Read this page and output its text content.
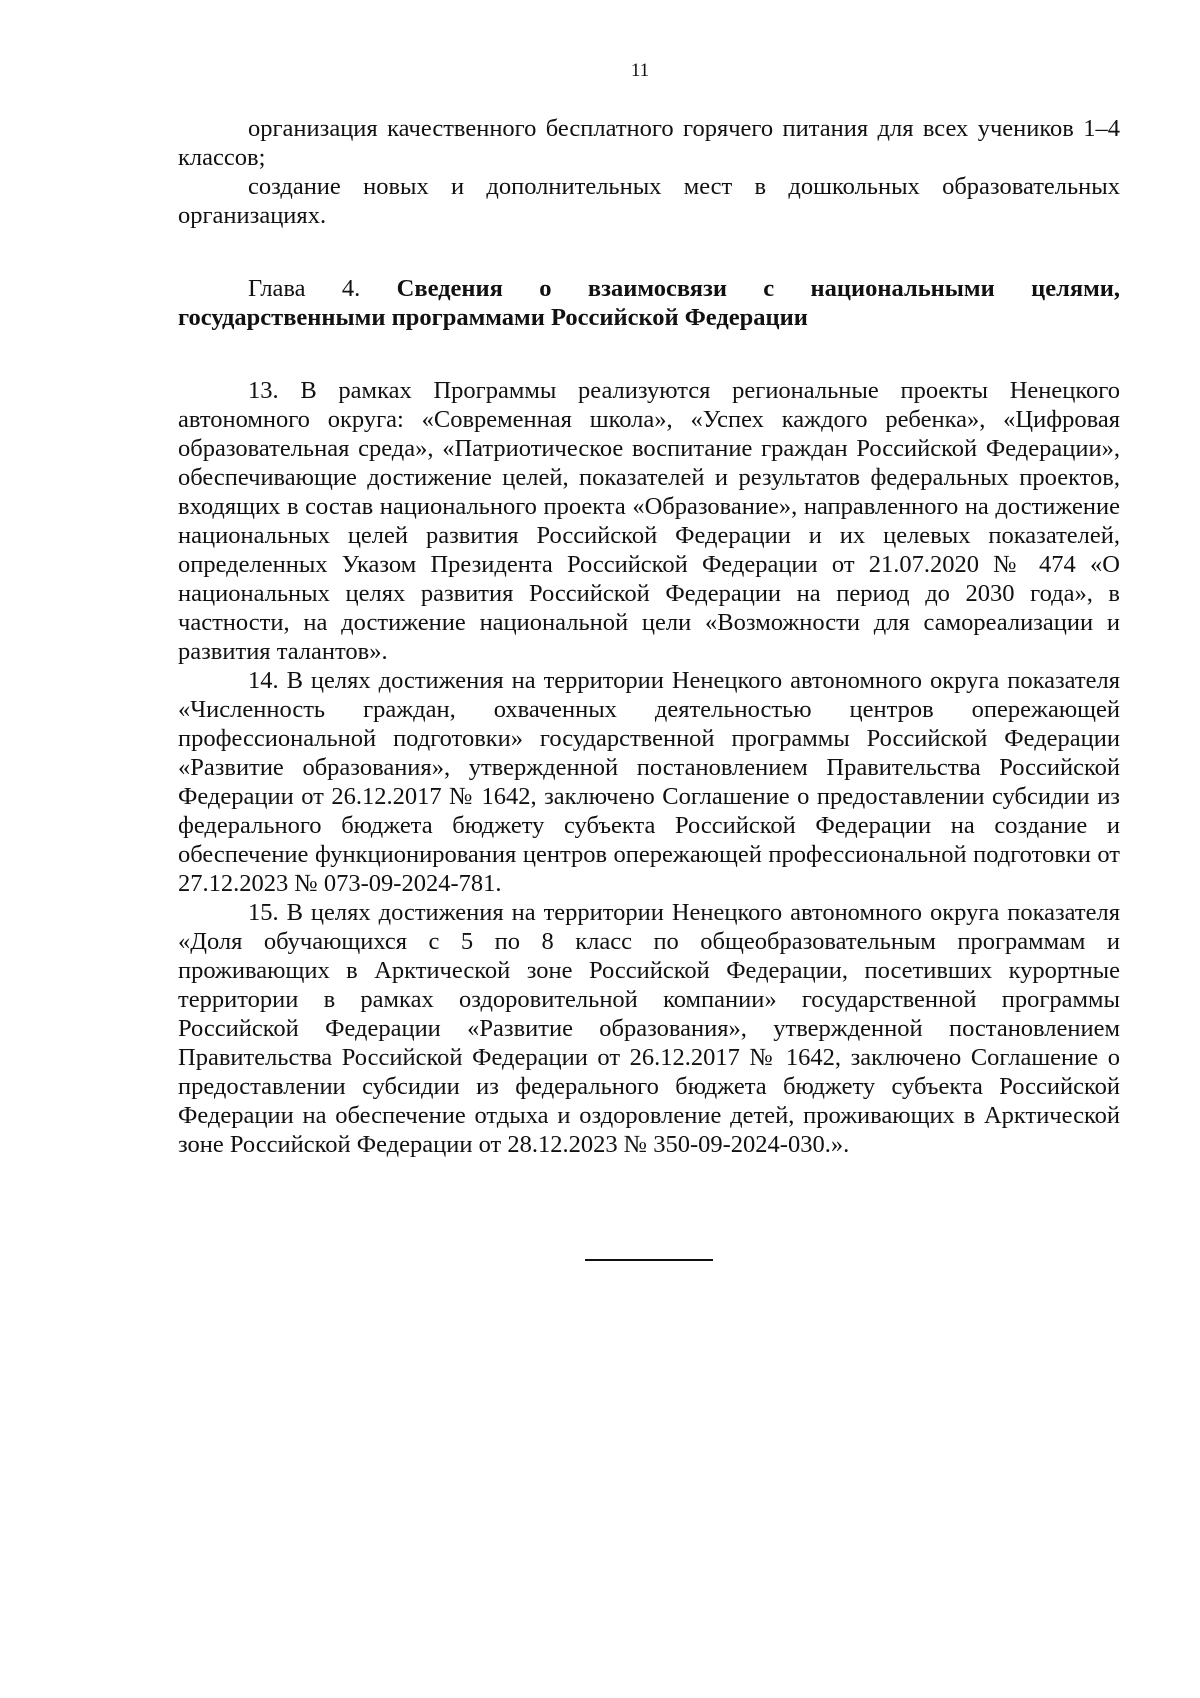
11

организация качественного бесплатного горячего питания для всех учеников 1–4 классов;

создание новых и дополнительных мест в дошкольных образовательных организациях.

Глава 4. Сведения о взаимосвязи с национальными целями, государственными программами Российской Федерации

13. В рамках Программы реализуются региональные проекты Ненецкого автономного округа: «Современная школа», «Успех каждого ребенка», «Цифровая образовательная среда», «Патриотическое воспитание граждан Российской Федерации», обеспечивающие достижение целей, показателей и результатов федеральных проектов, входящих в состав национального проекта «Образование», направленного на достижение национальных целей развития Российской Федерации и их целевых показателей, определенных Указом Президента Российской Федерации от 21.07.2020 № 474 «О национальных целях развития Российской Федерации на период до 2030 года», в частности, на достижение национальной цели «Возможности для самореализации и развития талантов».

14. В целях достижения на территории Ненецкого автономного округа показателя «Численность граждан, охваченных деятельностью центров опережающей профессиональной подготовки» государственной программы Российской Федерации «Развитие образования», утвержденной постановлением Правительства Российской Федерации от 26.12.2017 № 1642, заключено Соглашение о предоставлении субсидии из федерального бюджета бюджету субъекта Российской Федерации на создание и обеспечение функционирования центров опережающей профессиональной подготовки от 27.12.2023 № 073-09-2024-781.

15. В целях достижения на территории Ненецкого автономного округа показателя «Доля обучающихся с 5 по 8 класс по общеобразовательным программам и проживающих в Арктической зоне Российской Федерации, посетивших курортные территории в рамках оздоровительной компании» государственной программы Российской Федерации «Развитие образования», утвержденной постановлением Правительства Российской Федерации от 26.12.2017 № 1642, заключено Соглашение о предоставлении субсидии из федерального бюджета бюджету субъекта Российской Федерации на обеспечение отдыха и оздоровление детей, проживающих в Арктической зоне Российской Федерации от 28.12.2023 № 350-09-2024-030.».
